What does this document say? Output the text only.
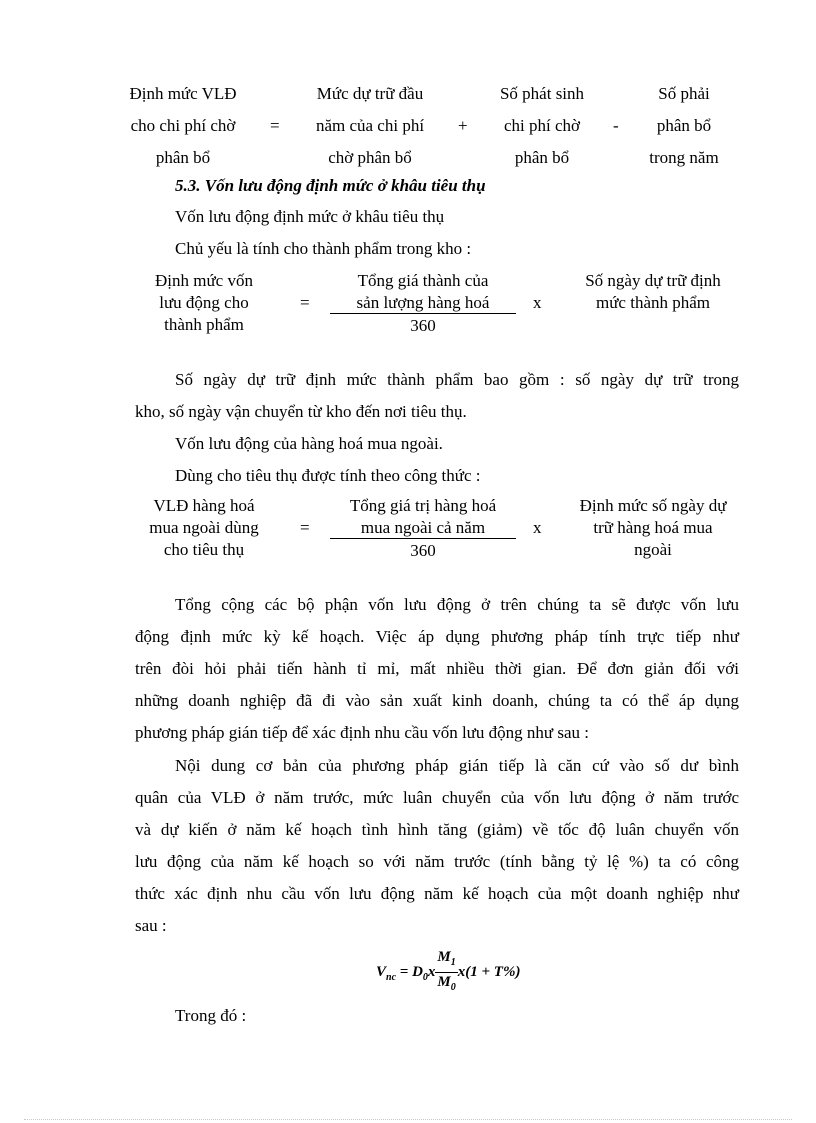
Định mức VLĐ
cho chi phí chờ
phân bổ
=
Mức dự trữ đầu
năm của chi phí
chờ phân bổ
+
Số phát sinh
chi phí chờ
phân bổ
-
Số phải
phân bổ
trong năm
5.3. Vốn lưu động định mức ở khâu tiêu thụ
Vốn lưu động định mức ở khâu tiêu thụ
Chủ yếu là tính cho thành phẩm trong kho :
Định mức vốn
lưu động cho
thành phẩm
=
Tổng giá thành của
sản lượng hàng hoá
360
x
Số ngày dự trữ định
mức thành phẩm
Số ngày dự trữ định mức thành phẩm bao gồm : số ngày dự trữ trong
kho, số ngày vận chuyển từ kho đến nơi tiêu thụ.
Vốn lưu động của hàng hoá mua ngoài.
Dùng cho tiêu thụ được tính theo công thức :
VLĐ hàng hoá
mua ngoài dùng
cho tiêu thụ
=
Tổng giá trị hàng hoá
mua ngoài cả năm
360
x
Định mức số ngày dự
trữ hàng hoá mua
ngoài
Tổng cộng các bộ phận vốn lưu động ở trên chúng ta sẽ được vốn lưu
động định mức kỳ kế hoạch. Việc áp dụng phương pháp tính trực tiếp như
trên đòi hỏi phải tiến hành tỉ mỉ, mất nhiều thời gian. Để đơn giản đối với
những doanh nghiệp đã đi vào sản xuất kinh doanh, chúng ta có thể áp dụng
phương pháp gián tiếp để xác định nhu cầu vốn lưu động như sau :
Nội dung cơ bản của phương pháp gián tiếp là căn cứ vào số dư bình
quân của VLĐ ở năm trước, mức luân chuyển của vốn lưu động ở năm trước
và dự kiến ở năm kế hoạch tình hình tăng (giảm) về tốc độ luân chuyển vốn
lưu động của năm kế hoạch so với năm trước (tính bằng tỷ lệ %) ta có công
thức xác định nhu cầu vốn lưu động năm kế hoạch của một doanh nghiệp như
sau :
$V_{nc} = D_0x \frac{M_1}{M_0} x(1 + T\%)$
Trong đó :
